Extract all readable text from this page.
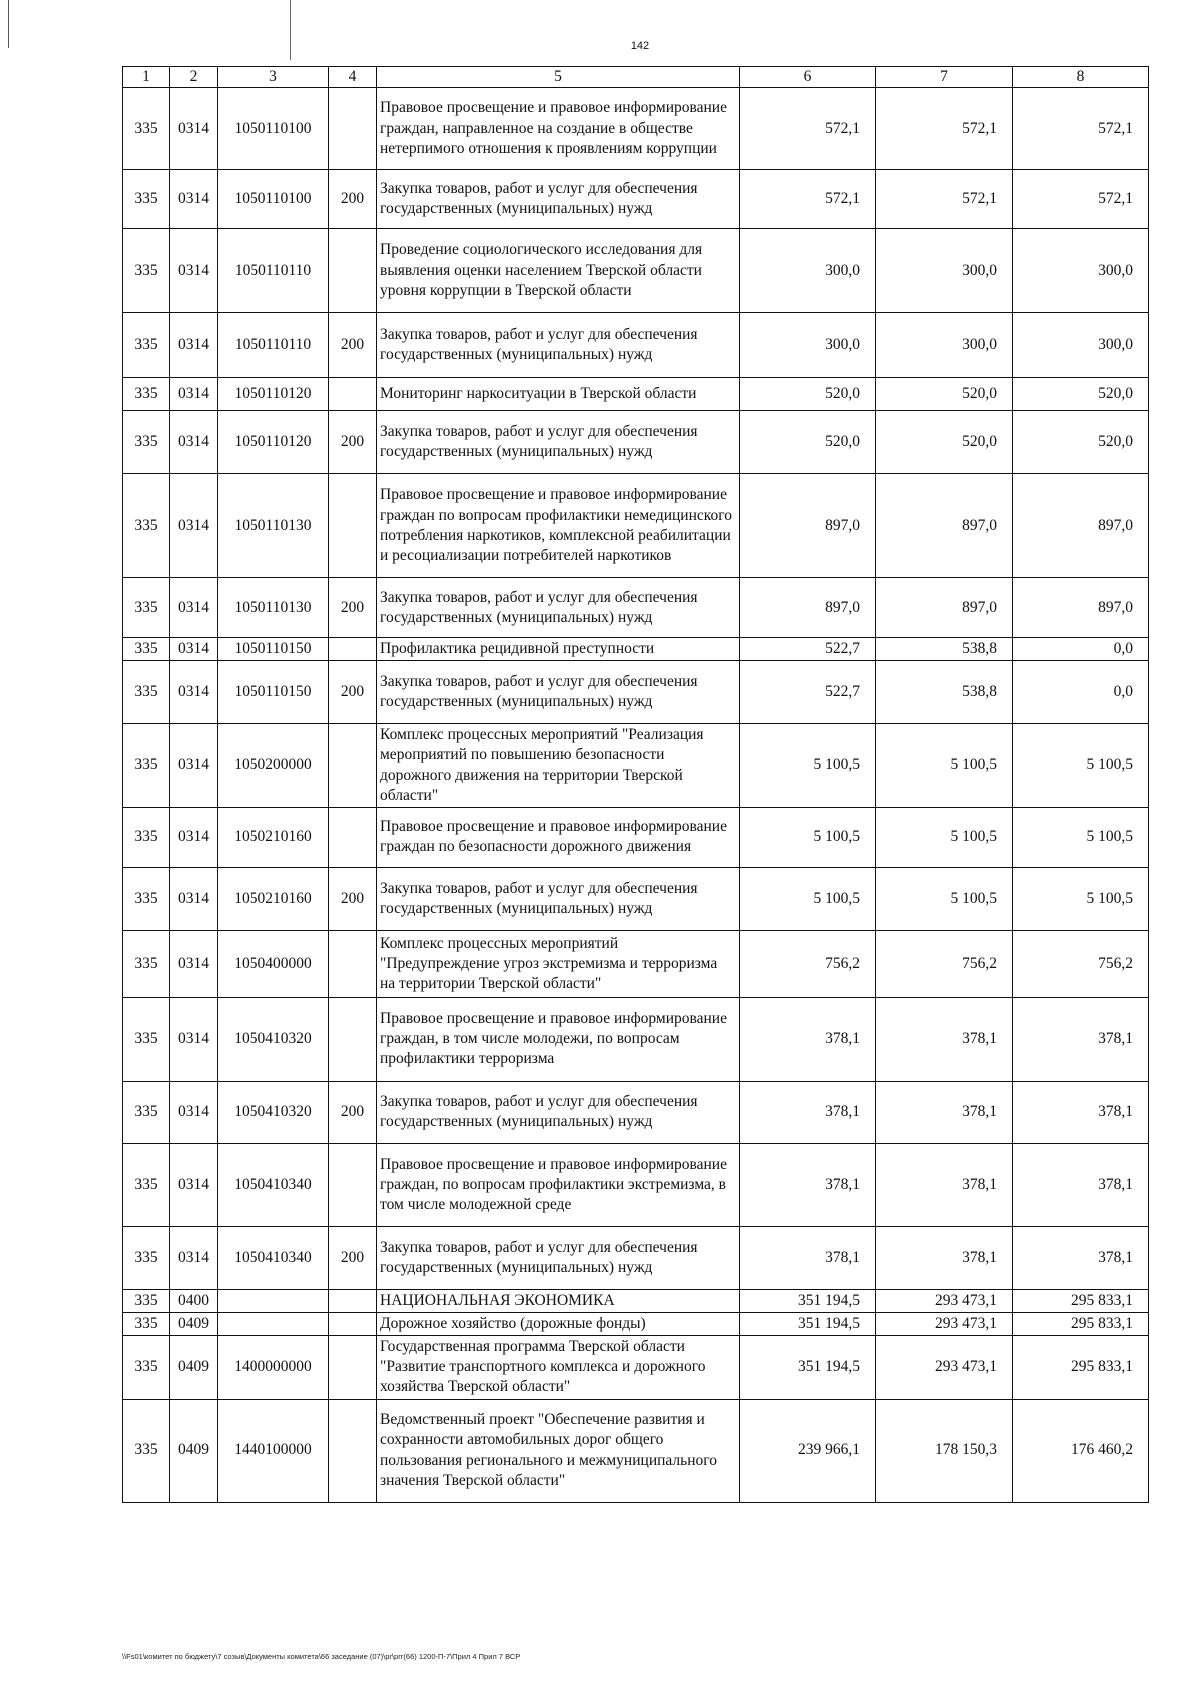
142
1	2	3	4	5	6	7	8
335	0314	1050110100		Правовое просвещение и правовое информирование граждан, направленное на создание в обществе нетерпимого отношения к проявлениям коррупции	572,1	572,1	572,1
335	0314	1050110100	200	Закупка товаров, работ и услуг для обеспечения государственных (муниципальных) нужд	572,1	572,1	572,1
335	0314	1050110110		Проведение социологического исследования для выявления оценки населением Тверской области уровня коррупции в Тверской области	300,0	300,0	300,0
335	0314	1050110110	200	Закупка товаров, работ и услуг для обеспечения государственных (муниципальных) нужд	300,0	300,0	300,0
335	0314	1050110120		Мониторинг наркоситуации в Тверской области	520,0	520,0	520,0
335	0314	1050110120	200	Закупка товаров, работ и услуг для обеспечения государственных (муниципальных) нужд	520,0	520,0	520,0
335	0314	1050110130		Правовое просвещение и правовое информирование граждан по вопросам профилактики немедицинского потребления наркотиков, комплексной реабилитации и ресоциализации потребителей наркотиков	897,0	897,0	897,0
335	0314	1050110130	200	Закупка товаров, работ и услуг для обеспечения государственных (муниципальных) нужд	897,0	897,0	897,0
335	0314	1050110150		Профилактика рецидивной преступности	522,7	538,8	0,0
335	0314	1050110150	200	Закупка товаров, работ и услуг для обеспечения государственных (муниципальных) нужд	522,7	538,8	0,0
335	0314	1050200000		Комплекс процессных мероприятий "Реализация мероприятий по повышению безопасности дорожного движения на территории Тверской области"	5 100,5	5 100,5	5 100,5
335	0314	1050210160		Правовое просвещение и правовое информирование граждан по безопасности дорожного движения	5 100,5	5 100,5	5 100,5
335	0314	1050210160	200	Закупка товаров, работ и услуг для обеспечения государственных (муниципальных) нужд	5 100,5	5 100,5	5 100,5
335	0314	1050400000		Комплекс процессных мероприятий "Предупреждение угроз экстремизма и терроризма на территории Тверской области"	756,2	756,2	756,2
335	0314	1050410320		Правовое просвещение и правовое информирование граждан, в том числе молодежи, по вопросам профилактики терроризма	378,1	378,1	378,1
335	0314	1050410320	200	Закупка товаров, работ и услуг для обеспечения государственных (муниципальных) нужд	378,1	378,1	378,1
335	0314	1050410340		Правовое просвещение и правовое информирование граждан, по вопросам профилактики экстремизма, в том числе молодежной среде	378,1	378,1	378,1
335	0314	1050410340	200	Закупка товаров, работ и услуг для обеспечения государственных (муниципальных) нужд	378,1	378,1	378,1
335	0400			НАЦИОНАЛЬНАЯ ЭКОНОМИКА	351 194,5	293 473,1	295 833,1
335	0409			Дорожное хозяйство (дорожные фонды)	351 194,5	293 473,1	295 833,1
335	0409	1400000000		Государственная программа Тверской области "Развитие транспортного комплекса и дорожного хозяйства Тверской области"	351 194,5	293 473,1	295 833,1
335	0409	1440100000		Ведомственный проект "Обеспечение развития и сохранности автомобильных дорог общего пользования регионального и межмуниципального значения Тверской области"	239 966,1	178 150,3	176 460,2
\\Fs01\комитет по бюджету\7 созыв\Документы комитета\66 заседание (07)\pr\prг(66) 1200-П-7\Прил 4 Прил 7 ВСР
